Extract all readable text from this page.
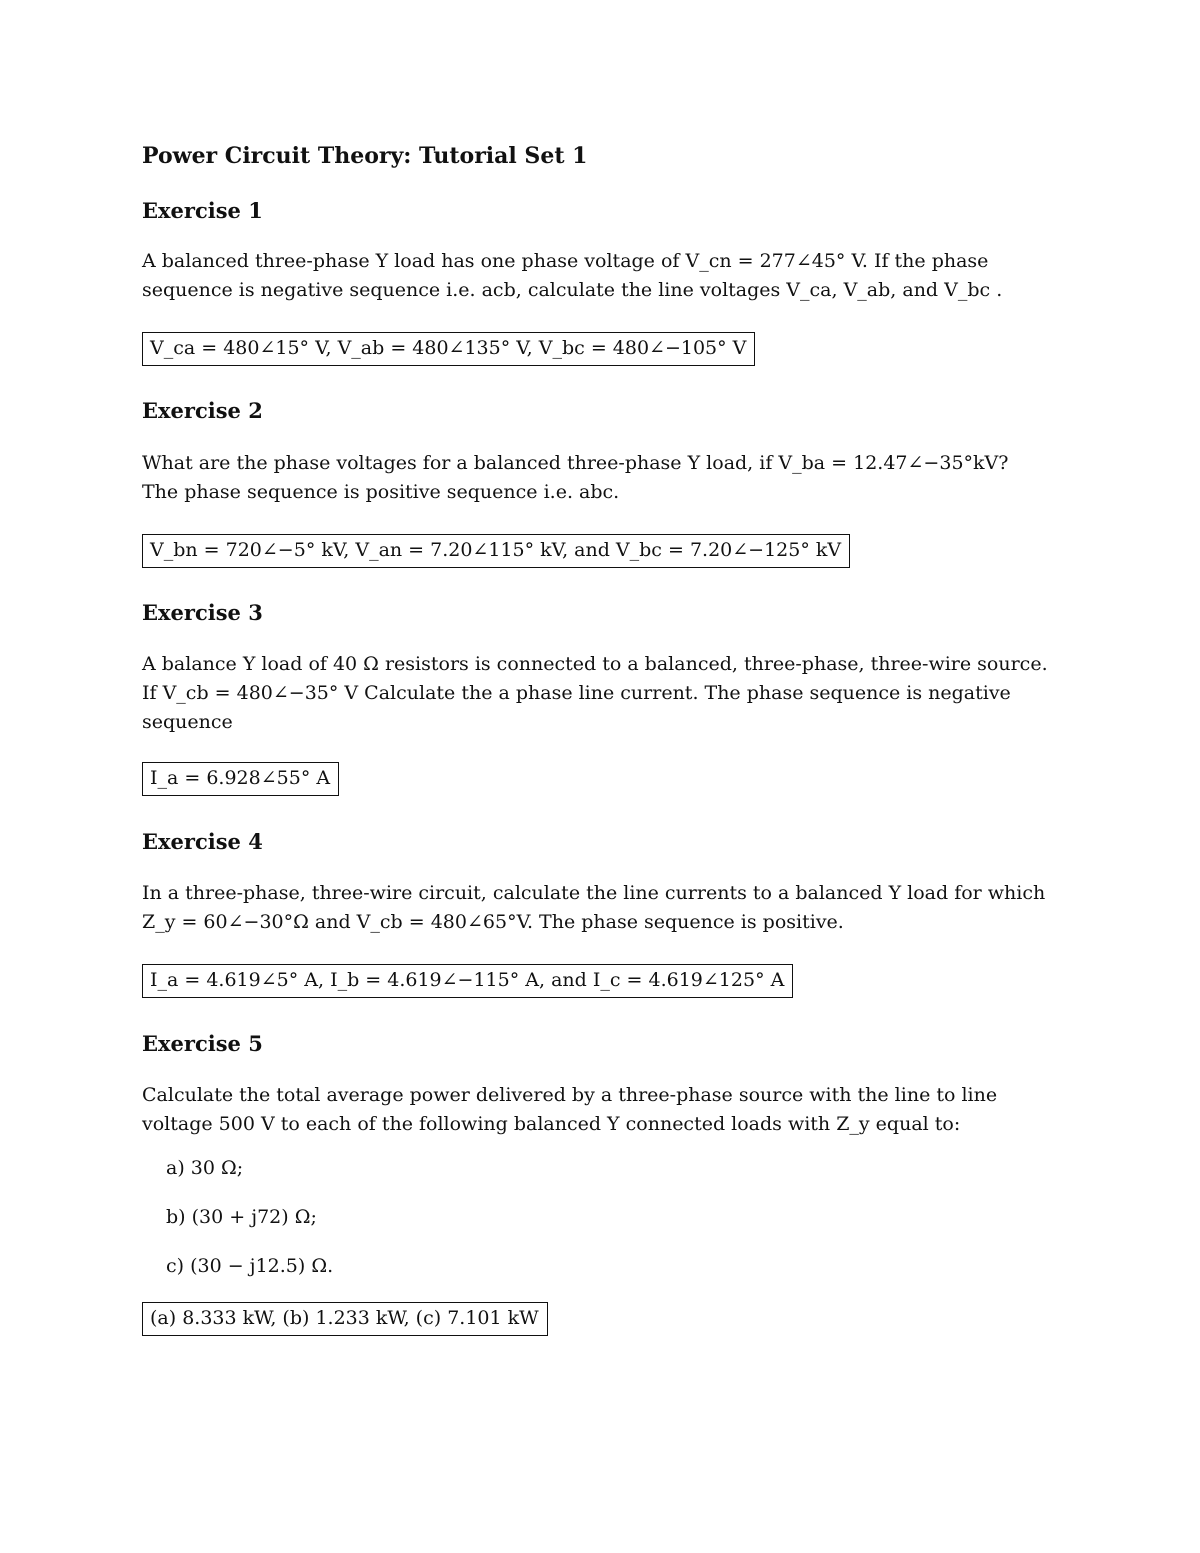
Power Circuit Theory: Tutorial Set 1
Exercise 1
A balanced three-phase Y load has one phase voltage of V_cn = 277∠45° V. If the phase
sequence is negative sequence i.e. acb, calculate the line voltages V_ca, V_ab, and V_bc .
V_ca = 480∠15° V, V_ab = 480∠135° V, V_bc = 480∠−105° V
Exercise 2
What are the phase voltages for a balanced three-phase Y load, if V_ba = 12.47∠−35°kV?
The phase sequence is positive sequence i.e. abc.
V_bn = 720∠−5° kV, V_an = 7.20∠115° kV, and V_bc = 7.20∠−125° kV
Exercise 3
A balance Y load of 40 Ω resistors is connected to a balanced, three-phase, three-wire source.
If V_cb = 480∠−35° V Calculate the a phase line current. The phase sequence is negative
sequence
I_a = 6.928∠55° A
Exercise 4
In a three-phase, three-wire circuit, calculate the line currents to a balanced Y load for which
Z_y = 60∠−30°Ω and V_cb = 480∠65°V. The phase sequence is positive.
I_a = 4.619∠5° A, I_b = 4.619∠−115° A, and I_c = 4.619∠125° A
Exercise 5
Calculate the total average power delivered by a three-phase source with the line to line
voltage 500 V to each of the following balanced Y connected loads with Z_y equal to:
a) 30 Ω;
b) (30 + j72) Ω;
c) (30 − j12.5) Ω.
(a) 8.333 kW, (b) 1.233 kW, (c) 7.101 kW
